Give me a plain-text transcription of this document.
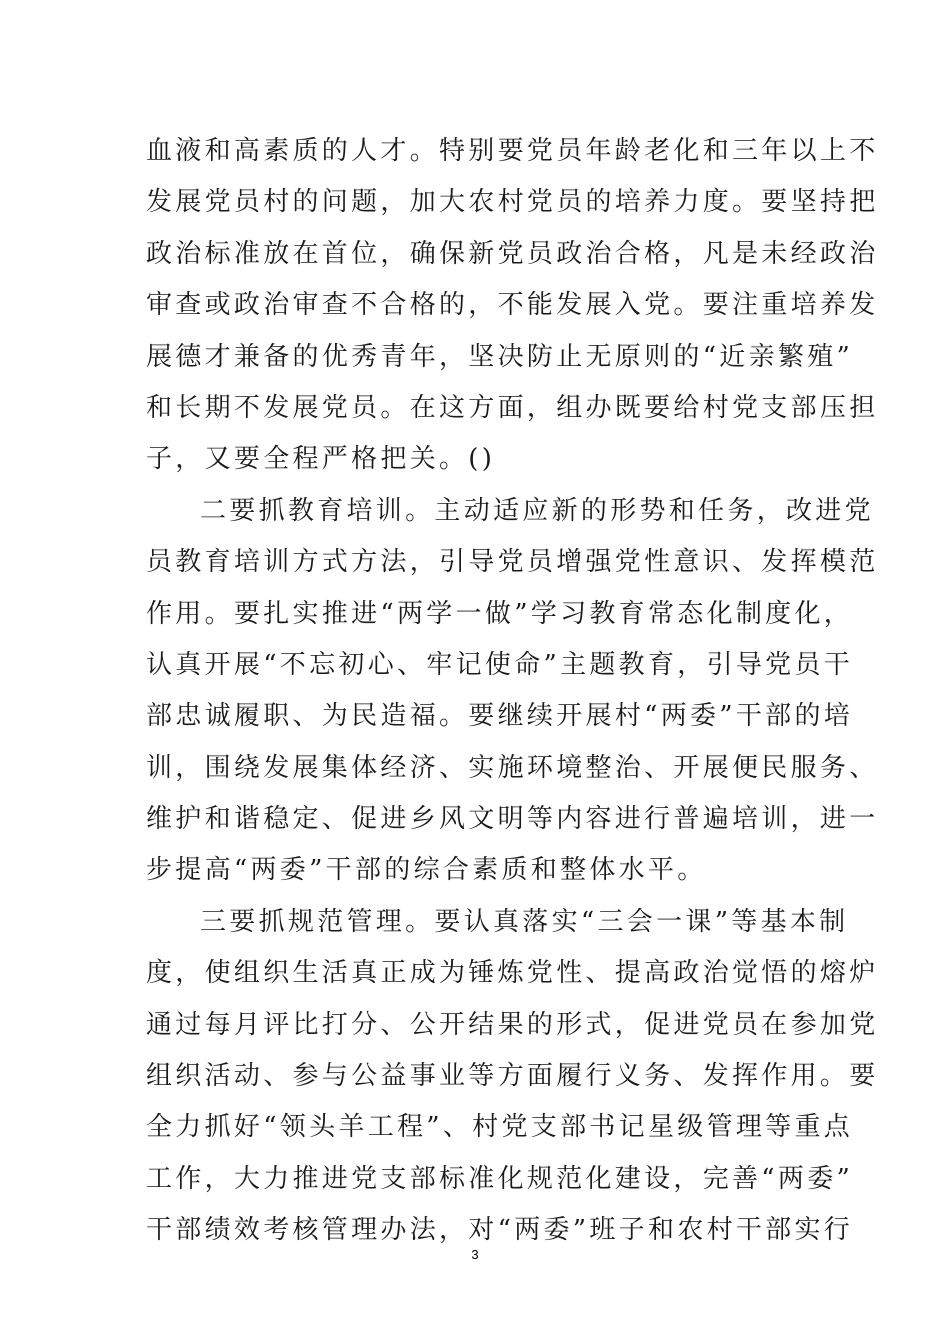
血液和高素质的人才。特别要党员年龄老化和三年以上不
发展党员村的问题，加大农村党员的培养力度。要坚持把
政治标准放在首位，确保新党员政治合格，凡是未经政治
审查或政治审查不合格的，不能发展入党。要注重培养发
展德才兼备的优秀青年，坚决防止无原则的“近亲繁殖”
和长期不发展党员。在这方面，组办既要给村党支部压担
子，又要全程严格把关。()
二要抓教育培训。主动适应新的形势和任务，改进党
员教育培训方式方法，引导党员增强党性意识、发挥模范
作用。要扎实推进“两学一做”学习教育常态化制度化，
认真开展“不忘初心、牢记使命”主题教育，引导党员干
部忠诚履职、为民造福。要继续开展村“两委”干部的培
训，围绕发展集体经济、实施环境整治、开展便民服务、
维护和谐稳定、促进乡风文明等内容进行普遍培训，进一
步提高“两委”干部的综合素质和整体水平。
三要抓规范管理。要认真落实“三会一课”等基本制
度，使组织生活真正成为锤炼党性、提高政治觉悟的熔炉
通过每月评比打分、公开结果的形式，促进党员在参加党
组织活动、参与公益事业等方面履行义务、发挥作用。要
全力抓好“领头羊工程”、村党支部书记星级管理等重点
工作，大力推进党支部标准化规范化建设，完善“两委”
干部绩效考核管理办法，对“两委”班子和农村干部实行
3
